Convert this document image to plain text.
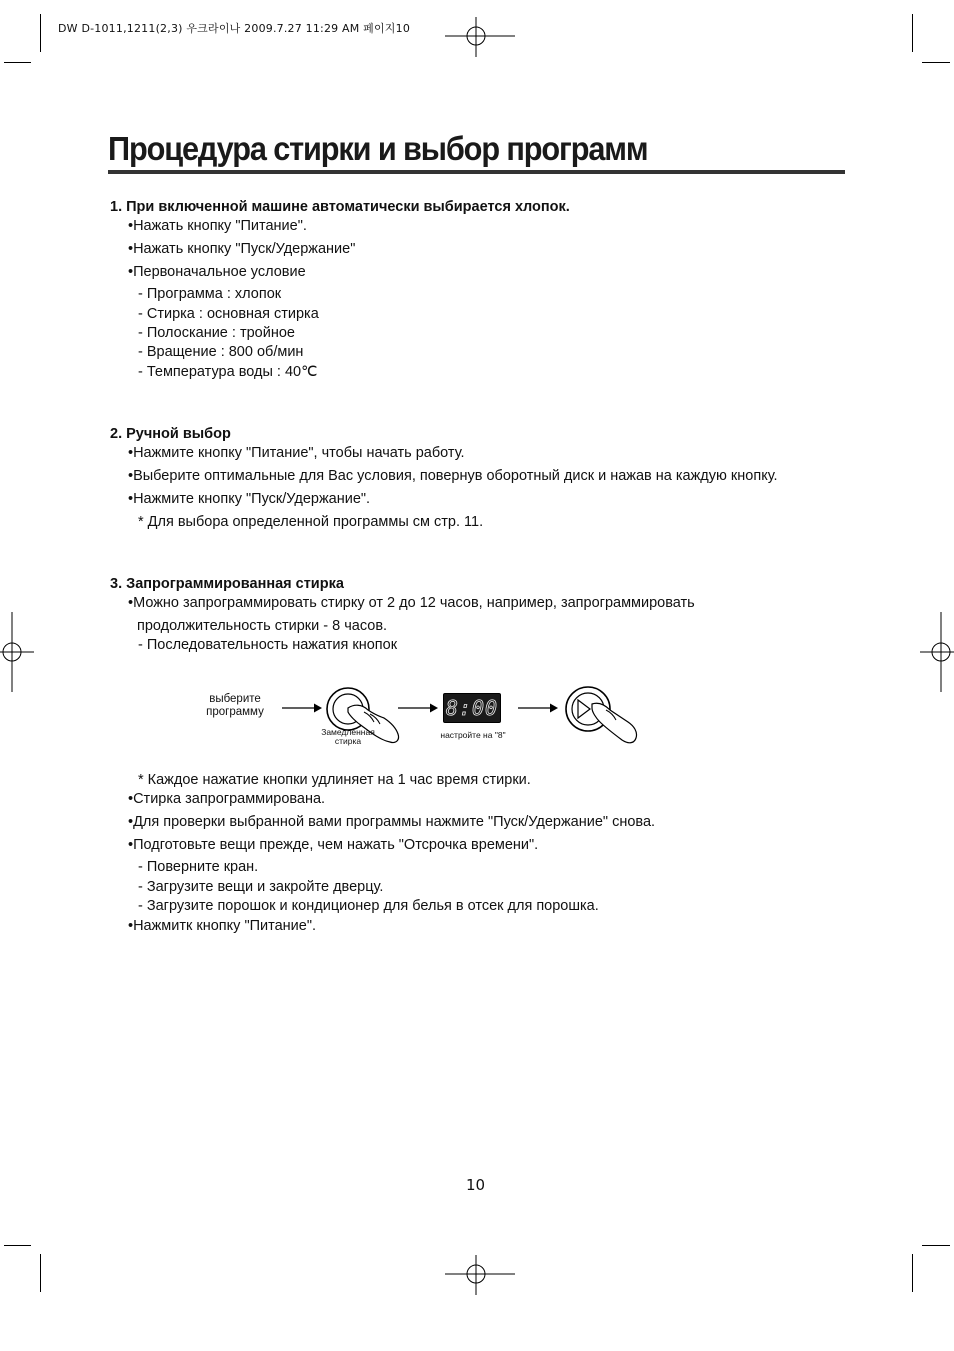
DW D-1011,1211(2,3) 우크라이나 2009.7.27 11:29 AM 페이지10
Процедура стирки и выбор программ
1. При включенной машине автоматически выбирается хлопок.
•Нажать кнопку "Питание".
•Нажать кнопку "Пуск/Удержание"
•Первоначальное условие
- Программа : хлопок
- Стирка : основная стирка
- Полоскание : тройное
- Вращение : 800 об/мин
- Температура воды : 40℃
2. Ручной выбор
•Нажмите кнопку "Питание", чтобы начать работу.
•Выберите оптимальные для Вас условия, повернув оборотный диск и нажав на каждую кнопку.
•Нажмите кнопку "Пуск/Удержание".
* Для выбора определенной программы см стр. 11.
3. Запрограммированная стирка
•Можно запрограммировать стирку от 2 до 12 часов, например, запрограммировать
продолжительность стирки - 8 часов.
- Последовательность нажатия кнопок
выберите
программу
Замедленная
стирка
8:00
настройте на "8"
* Каждое нажатие кнопки удлиняет на 1 час время стирки.
•Стирка запрограммирована.
•Для проверки выбранной вами программы нажмите "Пуск/Удержание" снова.
•Подготовьте вещи прежде, чем нажать "Отсрочка времени".
- Поверните кран.
- Загрузите вещи и закройте дверцу.
- Загрузите порошок и кондиционер для белья в отсек для порошка.
•Нажмитк кнопку "Питание".
10
